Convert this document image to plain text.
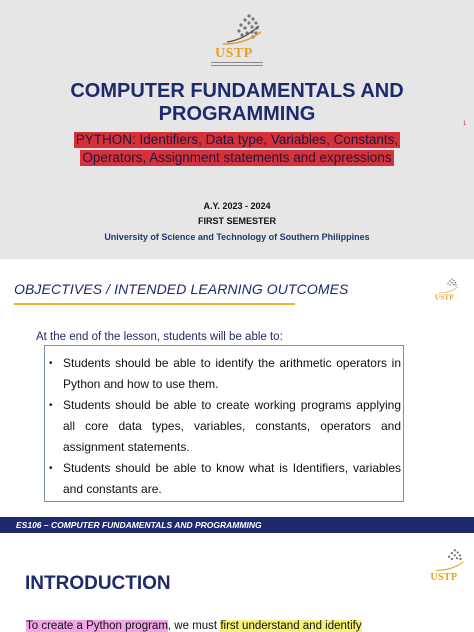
USTP
COMPUTER FUNDAMENTALS AND PROGRAMMING
PYTHON: Identifiers, Data type, Variables, Constants,
Operators, Assignment statements and expressions
1
A.Y. 2023 - 2024
FIRST SEMESTER
University of Science and Technology of Southern Philippines
OBJECTIVES / INTENDED LEARNING OUTCOMES
USTP
At the end of the lesson, students will be able to:
• Students should be able to identify the arithmetic operators in Python and how to use them.
• Students should be able to create working programs applying all core data types, variables, constants, operators and assignment statements.
• Students should be able to know what is Identifiers, variables and constants are.
ES106 – COMPUTER FUNDAMENTALS AND PROGRAMMING
USTP
INTRODUCTION
To create a Python program, we must first understand and identify
